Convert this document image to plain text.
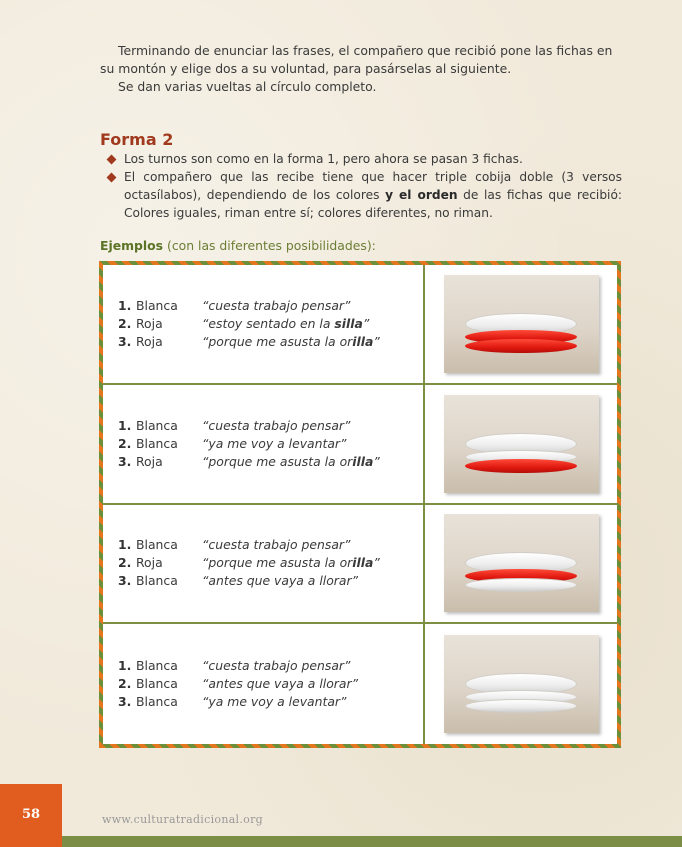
Terminando de enunciar las frases, el compañero que recibió pone las fichas en su montón y elige dos a su voluntad, para pasárselas al siguiente.

Se dan varias vueltas al círculo completo.

Forma 2
Los turnos son como en la forma 1, pero ahora se pasan 3 fichas.
El compañero que las recibe tiene que hacer triple cobija doble (3 versos octasílabos), dependiendo de los colores y el orden de las fichas que recibió: Colores iguales, riman entre sí; colores diferentes, no riman.
Ejemplos (con las diferentes posibilidades):
1. Blanca	“cuesta trabajo pensar”
2. Roja	“estoy sentado en la silla”
3. Roja	“porque me asusta la orilla”
1. Blanca	“cuesta trabajo pensar”
2. Blanca	“ya me voy a levantar”
3. Roja	“porque me asusta la orilla”
1. Blanca	“cuesta trabajo pensar”
2. Roja	“porque me asusta la orilla”
3. Blanca	“antes que vaya a llorar”
1. Blanca	“cuesta trabajo pensar”
2. Blanca	“antes que vaya a llorar”
3. Blanca	“ya me voy a levantar”
58	www.culturatradicional.org
